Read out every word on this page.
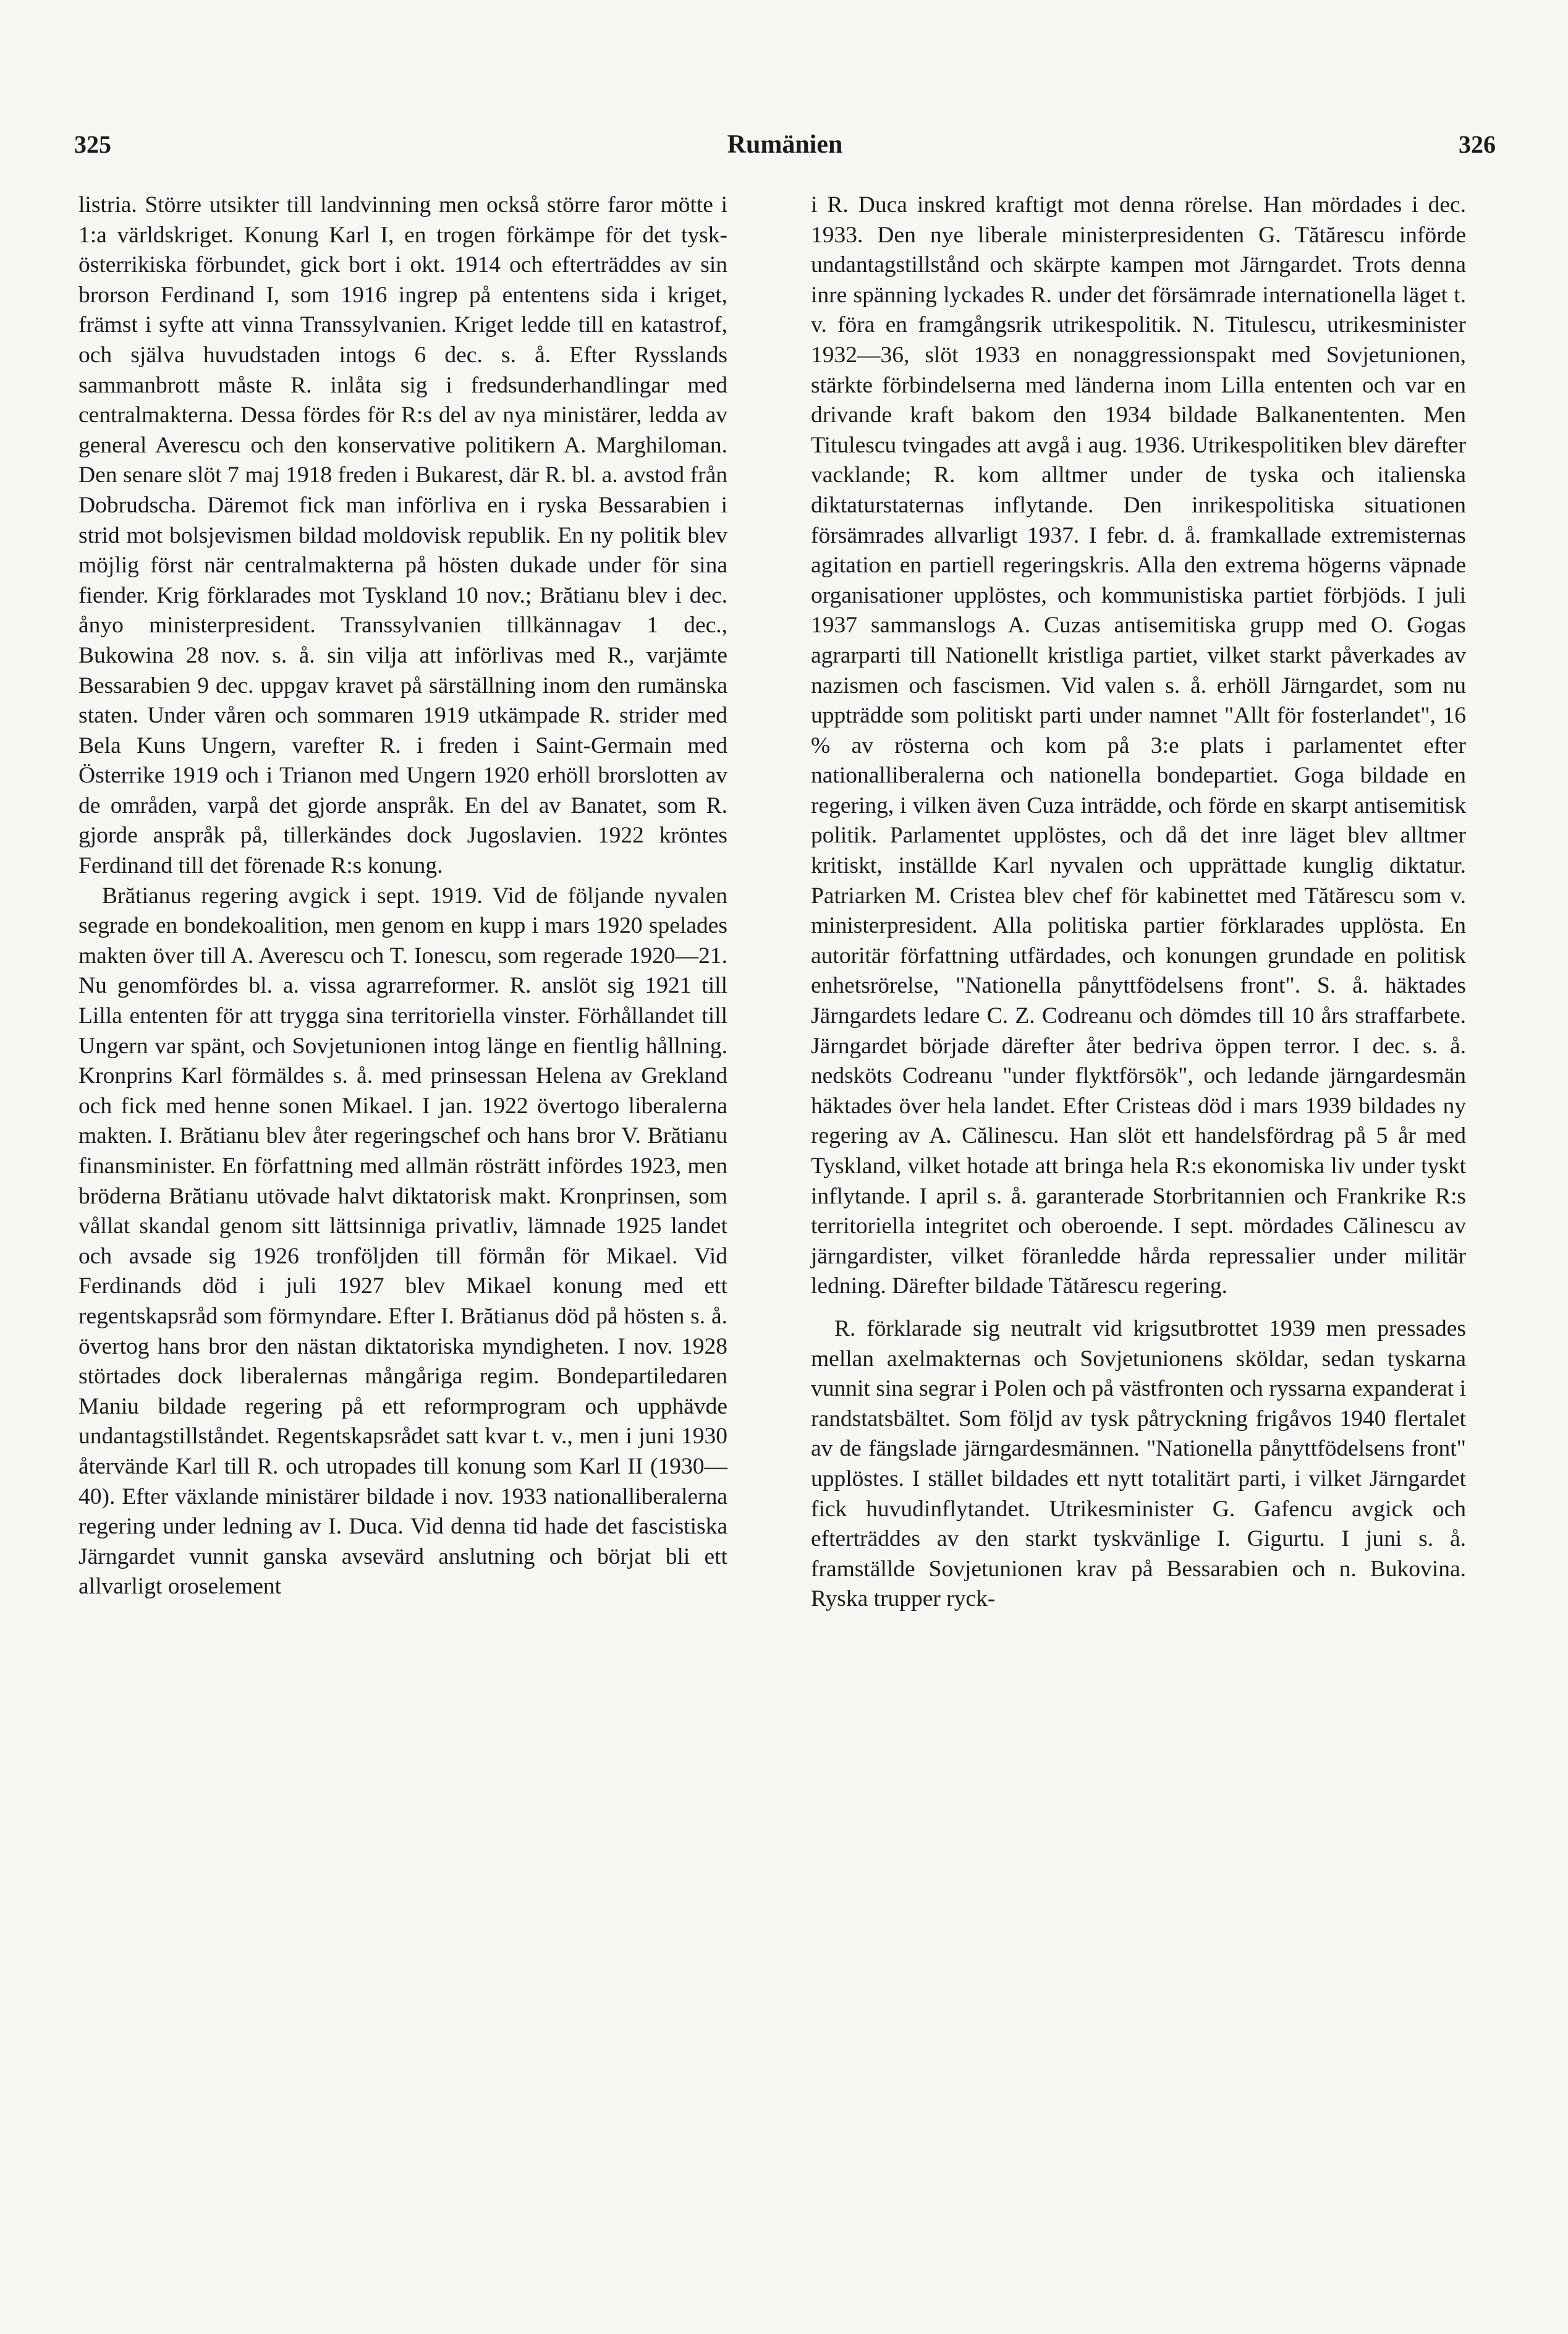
325	Rumänien	326

listria. Större utsikter till landvinning men också större faror mötte i 1:a världskriget. Konung Karl I, en trogen förkämpe för det tysk-österrikiska förbundet, gick bort i okt. 1914 och efterträddes av sin brorson Ferdinand I, som 1916 ingrep på ententens sida i kriget, främst i syfte att vinna Transsylvanien. Kriget ledde till en katastrof, och själva huvudstaden intogs 6 dec. s. å. Efter Rysslands sammanbrott måste R. inlåta sig i fredsunderhandlingar med centralmakterna. Dessa fördes för R:s del av nya ministärer, ledda av general Averescu och den konservative politikern A. Marghiloman. Den senare slöt 7 maj 1918 freden i Bukarest, där R. bl. a. avstod från Dobrudscha. Däremot fick man införliva en i ryska Bessarabien i strid mot bolsjevismen bildad moldovisk republik. En ny politik blev möjlig först när centralmakterna på hösten dukade under för sina fiender. Krig förklarades mot Tyskland 10 nov.; Brătianu blev i dec. ånyo ministerpresident. Transsylvanien tillkännagav 1 dec., Bukowina 28 nov. s. å. sin vilja att införlivas med R., varjämte Bessarabien 9 dec. uppgav kravet på särställning inom den rumänska staten. Under våren och sommaren 1919 utkämpade R. strider med Bela Kuns Ungern, varefter R. i freden i Saint-Germain med Österrike 1919 och i Trianon med Ungern 1920 erhöll brorslotten av de områden, varpå det gjorde anspråk. En del av Banatet, som R. gjorde anspråk på, tillerkändes dock Jugoslavien. 1922 kröntes Ferdinand till det förenade R:s konung.

Brătianus regering avgick i sept. 1919. Vid de följande nyvalen segrade en bondekoalition, men genom en kupp i mars 1920 spelades makten över till A. Averescu och T. Ionescu, som regerade 1920—21. Nu genomfördes bl. a. vissa agrarreformer. R. anslöt sig 1921 till Lilla ententen för att trygga sina territoriella vinster. Förhållandet till Ungern var spänt, och Sovjetunionen intog länge en fientlig hållning. Kronprins Karl förmäldes s. å. med prinsessan Helena av Grekland och fick med henne sonen Mikael. I jan. 1922 övertogo liberalerna makten. I. Brătianu blev åter regeringschef och hans bror V. Brătianu finansminister. En författning med allmän rösträtt infördes 1923, men bröderna Brătianu utövade halvt diktatorisk makt. Kronprinsen, som vållat skandal genom sitt lättsinniga privatliv, lämnade 1925 landet och avsade sig 1926 tronföljden till förmån för Mikael. Vid Ferdinands död i juli 1927 blev Mikael konung med ett regentskapsråd som förmyndare. Efter I. Brătianus död på hösten s. å. övertog hans bror den nästan diktatoriska myndigheten. I nov. 1928 störtades dock liberalernas mångåriga regim. Bondepartiledaren Maniu bildade regering på ett reformprogram och upphävde undantagstillståndet. Regentskapsrådet satt kvar t. v., men i juni 1930 återvände Karl till R. och utropades till konung som Karl II (1930—40). Efter växlande ministärer bildade i nov. 1933 nationalliberalerna regering under ledning av I. Duca. Vid denna tid hade det fascistiska Järngardet vunnit ganska avsevärd anslutning och börjat bli ett allvarligt oroselement

i R. Duca inskred kraftigt mot denna rörelse. Han mördades i dec. 1933. Den nye liberale ministerpresidenten G. Tătărescu införde undantagstillstånd och skärpte kampen mot Järngardet. Trots denna inre spänning lyckades R. under det försämrade internationella läget t. v. föra en framgångsrik utrikespolitik. N. Titulescu, utrikesminister 1932—36, slöt 1933 en nonaggressionspakt med Sovjetunionen, stärkte förbindelserna med länderna inom Lilla ententen och var en drivande kraft bakom den 1934 bildade Balkanententen. Men Titulescu tvingades att avgå i aug. 1936. Utrikespolitiken blev därefter vacklande; R. kom alltmer under de tyska och italienska diktaturstaternas inflytande. Den inrikespolitiska situationen försämrades allvarligt 1937. I febr. d. å. framkallade extremisternas agitation en partiell regeringskris. Alla den extrema högerns väpnade organisationer upplöstes, och kommunistiska partiet förbjöds. I juli 1937 sammanslogs A. Cuzas antisemitiska grupp med O. Gogas agrarparti till Nationellt kristliga partiet, vilket starkt påverkades av nazismen och fascismen. Vid valen s. å. erhöll Järngardet, som nu uppträdde som politiskt parti under namnet "Allt för fosterlandet", 16 % av rösterna och kom på 3:e plats i parlamentet efter nationalliberalerna och nationella bondepartiet. Goga bildade en regering, i vilken även Cuza inträdde, och förde en skarpt antisemitisk politik. Parlamentet upplöstes, och då det inre läget blev alltmer kritiskt, inställde Karl nyvalen och upprättade kunglig diktatur. Patriarken M. Cristea blev chef för kabinettet med Tătărescu som v. ministerpresident. Alla politiska partier förklarades upplösta. En autoritär författning utfärdades, och konungen grundade en politisk enhetsrörelse, "Nationella pånyttfödelsens front". S. å. häktades Järngardets ledare C. Z. Codreanu och dömdes till 10 års straffarbete. Järngardet började därefter åter bedriva öppen terror. I dec. s. å. nedsköts Codreanu "under flyktförsök", och ledande järngardesmän häktades över hela landet. Efter Cristeas död i mars 1939 bildades ny regering av A. Călinescu. Han slöt ett handelsfördrag på 5 år med Tyskland, vilket hotade att bringa hela R:s ekonomiska liv under tyskt inflytande. I april s. å. garanterade Storbritannien och Frankrike R:s territoriella integritet och oberoende. I sept. mördades Călinescu av järngardister, vilket föranledde hårda repressalier under militär ledning. Därefter bildade Tătărescu regering.

R. förklarade sig neutralt vid krigsutbrottet 1939 men pressades mellan axelmakternas och Sovjetunionens sköldar, sedan tyskarna vunnit sina segrar i Polen och på västfronten och ryssarna expanderat i randstatsbältet. Som följd av tysk påtryckning frigåvos 1940 flertalet av de fängslade järngardesmännen. "Nationella pånyttfödelsens front" upplöstes. I stället bildades ett nytt totalitärt parti, i vilket Järngardet fick huvudinflytandet. Utrikesminister G. Gafencu avgick och efterträddes av den starkt tyskvänlige I. Gigurtu. I juni s. å. framställde Sovjetunionen krav på Bessarabien och n. Bukovina. Ryska trupper ryck-
